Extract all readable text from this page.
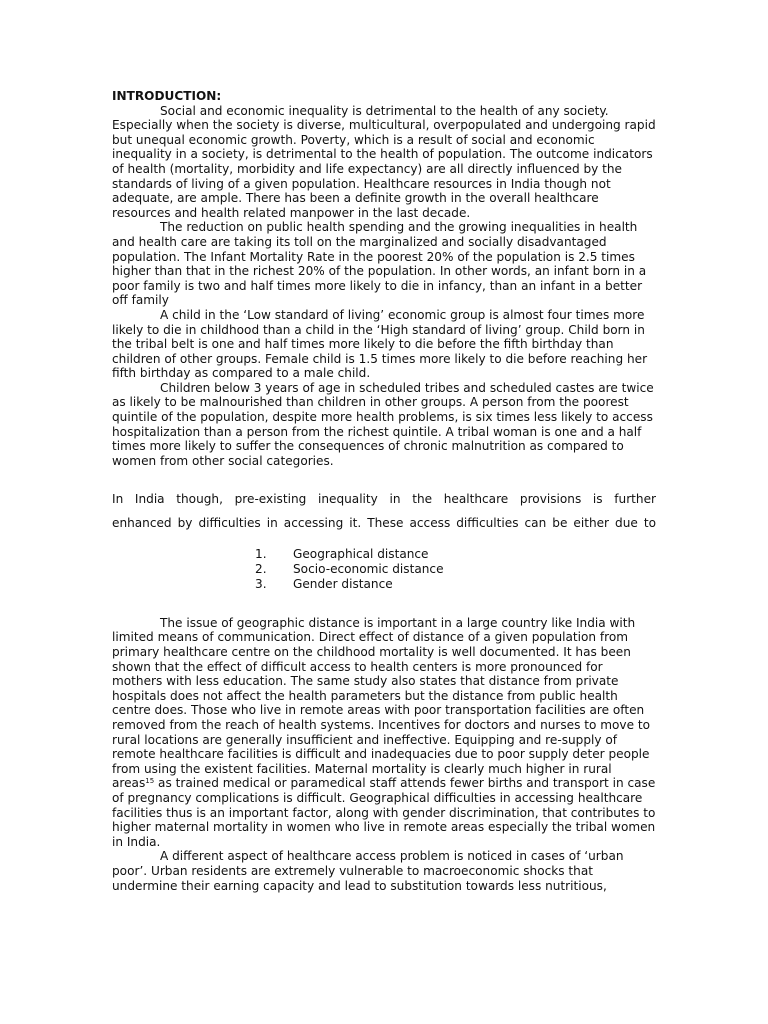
INTRODUCTION:

Social and economic inequality is detrimental to the health of any society. Especially when the society is diverse, multicultural, overpopulated and undergoing rapid but unequal economic growth. Poverty, which is a result of social and economic inequality in a society, is detrimental to the health of population. The outcome indicators of health (mortality, morbidity and life expectancy) are all directly influenced by the standards of living of a given population. Healthcare resources in India though not adequate, are ample. There has been a definite growth in the overall healthcare resources and health related manpower in the last decade.

The reduction on public health spending and the growing inequalities in health and health care are taking its toll on the marginalized and socially disadvantaged population. The Infant Mortality Rate in the poorest 20% of the population is 2.5 times higher than that in the richest 20% of the population. In other words, an infant born in a poor family is two and half times more likely to die in infancy, than an infant in a better off family

A child in the ‘Low standard of living’ economic group is almost four times more likely to die in childhood than a child in the ‘High standard of living’ group. Child born in the tribal belt is one and half times more likely to die before the fifth birthday than children of other groups. Female child is 1.5 times more likely to die before reaching her fifth birthday as compared to a male child.

Children below 3 years of age in scheduled tribes and scheduled castes are twice as likely to be malnourished than children in other groups. A person from the poorest quintile of the population, despite more health problems, is six times less likely to access hospitalization than a person from the richest quintile. A tribal woman is one and a half times more likely to suffer the consequences of chronic malnutrition as compared to women from other social categories.

In India though, pre-existing inequality in the healthcare provisions is further

enhanced by difficulties in accessing it. These access difficulties can be either due to

1. Geographical distance
2. Socio-economic distance
3. Gender distance

The issue of geographic distance is important in a large country like India with limited means of communication. Direct effect of distance of a given population from primary healthcare centre on the childhood mortality is well documented. It has been shown that the effect of difficult access to health centers is more pronounced for mothers with less education. The same study also states that distance from private hospitals does not affect the health parameters but the distance from public health centre does. Those who live in remote areas with poor transportation facilities are often removed from the reach of health systems. Incentives for doctors and nurses to move to rural locations are generally insufficient and ineffective. Equipping and re-supply of remote healthcare facilities is difficult and inadequacies due to poor supply deter people from using the existent facilities. Maternal mortality is clearly much higher in rural areas$^{15}$ as trained medical or paramedical staff attends fewer births and transport in case of pregnancy complications is difficult. Geographical difficulties in accessing healthcare facilities thus is an important factor, along with gender discrimination, that contributes to higher maternal mortality in women who live in remote areas especially the tribal women in India.

A different aspect of healthcare access problem is noticed in cases of ‘urban poor’. Urban residents are extremely vulnerable to macroeconomic shocks that undermine their earning capacity and lead to substitution towards less nutritious,
